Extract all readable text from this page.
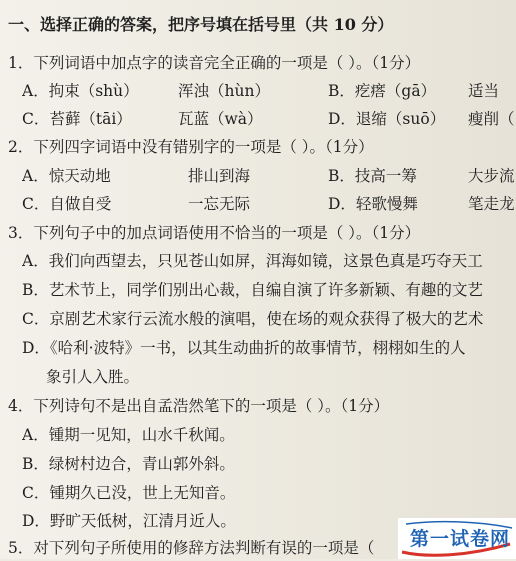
一、选择正确的答案，把序号填在括号里（共 10 分）
1．下列词语中加点字的读音完全正确的一项是（ ）。（1分）
A．拘束（shù）	浑浊（hùn）	B．疙瘩（gā） 适当
C．苔藓（tāi）	瓦蓝（wà）	D．退缩（suō） 瘦削（
2．下列四字词语中没有错别字的一项是（ ）。（1分）
A．惊天动地	排山到海	B．技高一筹	大步流
C．自做自受	一忘无际	D．轻歌慢舞	笔走龙
3．下列句子中的加点词语使用不恰当的一项是（ ）。（1分）
A．我们向西望去，只见苍山如屏，洱海如镜，这景色真是巧夺天工
B．艺术节上，同学们别出心裁，自编自演了许多新颖、有趣的文艺
C．京剧艺术家行云流水般的演唱，使在场的观众获得了极大的艺术
D．《哈利·波特》一书，以其生动曲折的故事情节，栩栩如生的人
象引人入胜。
4．下列诗句不是出自孟浩然笔下的一项是（ ）。（1分）
A．锺期一见知，山水千秋闻。
B．绿树村边合，青山郭外斜。
C．锺期久已没，世上无知音。
D．野旷天低树，江清月近人。
5．对下列句子所使用的修辞方法判断有误的一项是（	第一试卷网
